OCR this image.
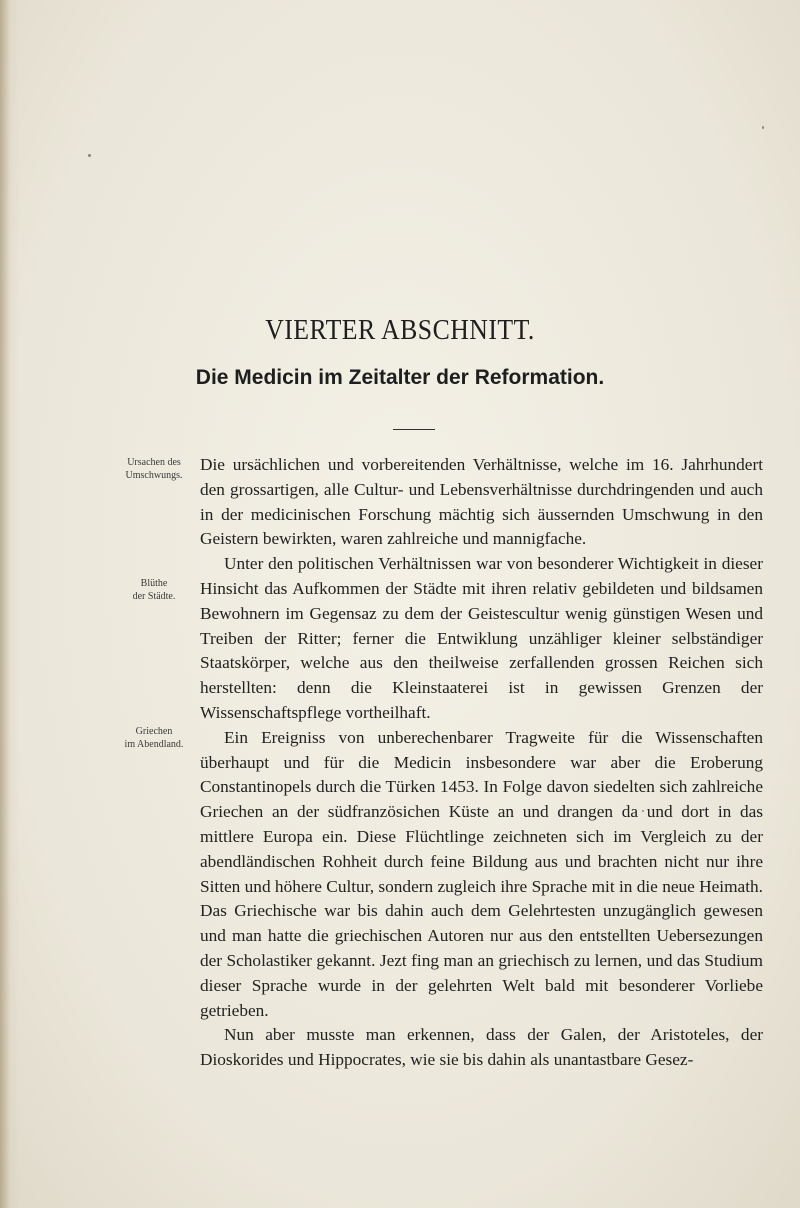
VIERTER ABSCHNITT.
Die Medicin im Zeitalter der Reformation.
Ursachen des
Umschwungs.
Blüthe
der Städte.
Griechen
im Abendland.

Die ursächlichen und vorbereitenden Verhältnisse, welche im 16. Jahrhundert den grossartigen, alle Cultur- und Lebensverhältnisse durchdringenden und auch in der medicinischen Forschung mächtig sich äussernden Umschwung in den Geistern bewirkten, waren zahlreiche und mannigfache.

Unter den politischen Verhältnissen war von besonderer Wichtigkeit in dieser Hinsicht das Aufkommen der Städte mit ihren relativ gebildeten und bildsamen Bewohnern im Gegensaz zu dem der Geistescultur wenig günstigen Wesen und Treiben der Ritter; ferner die Entwiklung unzähliger kleiner selbständiger Staatskörper, welche aus den theilweise zerfallenden grossen Reichen sich herstellten: denn die Kleinstaaterei ist in gewissen Grenzen der Wissenschaftspflege vortheilhaft.

Ein Ereigniss von unberechenbarer Tragweite für die Wissenschaften überhaupt und für die Medicin insbesondere war aber die Eroberung Constantinopels durch die Türken 1453. In Folge davon siedelten sich zahlreiche Griechen an der südfranzösichen Küste an und drangen da und dort in das mittlere Europa ein. Diese Flüchtlinge zeichneten sich im Vergleich zu der abendländischen Rohheit durch feine Bildung aus und brachten nicht nur ihre Sitten und höhere Cultur, sondern zugleich ihre Sprache mit in die neue Heimath. Das Griechische war bis dahin auch dem Gelehrtesten unzugänglich gewesen und man hatte die griechischen Autoren nur aus den entstellten Uebersezungen der Scholastiker gekannt. Jezt fing man an griechisch zu lernen, und das Studium dieser Sprache wurde in der gelehrten Welt bald mit besonderer Vorliebe getrieben.

Nun aber musste man erkennen, dass der Galen, der Aristoteles, der Dioskorides und Hippocrates, wie sie bis dahin als unantastbare Gesez-
